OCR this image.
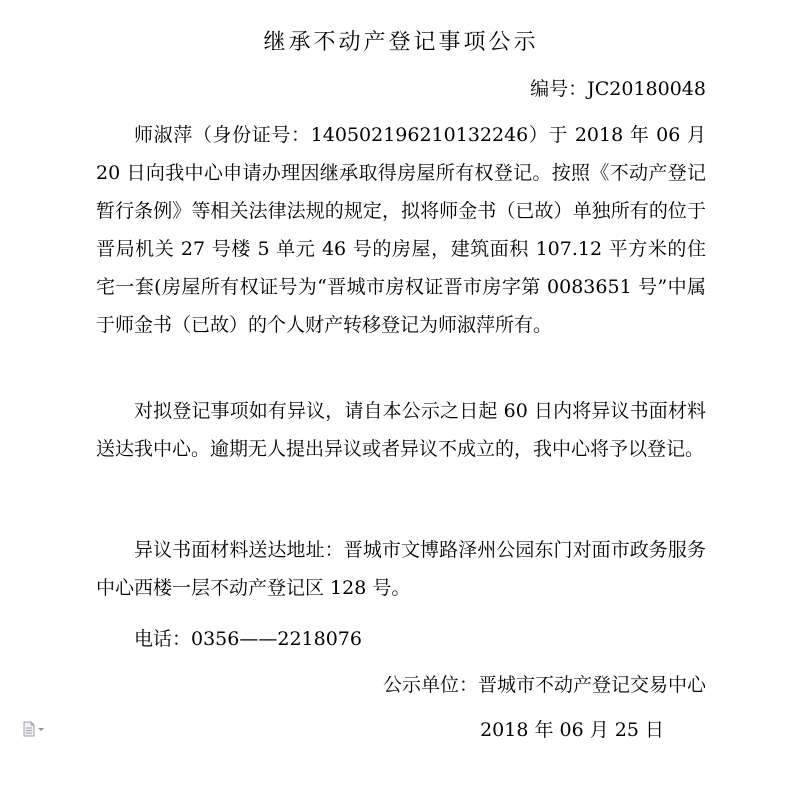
继承不动产登记事项公示
编号：JC20180048

师淑萍（身份证号：140502196210132246）于 2018 年 06 月 20 日向我中心申请办理因继承取得房屋所有权登记。按照《不动产登记暂行条例》等相关法律法规的规定，拟将师金书（已故）单独所有的位于晋局机关 27 号楼 5 单元 46 号的房屋，建筑面积 107.12 平方米的住宅一套(房屋所有权证号为“晋城市房权证晋市房字第 0083651 号”中属于师金书（已故）的个人财产转移登记为师淑萍所有。

对拟登记事项如有异议，请自本公示之日起 60 日内将异议书面材料送达我中心。逾期无人提出异议或者异议不成立的，我中心将予以登记。

异议书面材料送达地址：晋城市文博路泽州公园东门对面市政务服务中心西楼一层不动产登记区 128 号。

电话：0356——2218076
公示单位：晋城市不动产登记交易中心
2018 年 06 月 25 日
